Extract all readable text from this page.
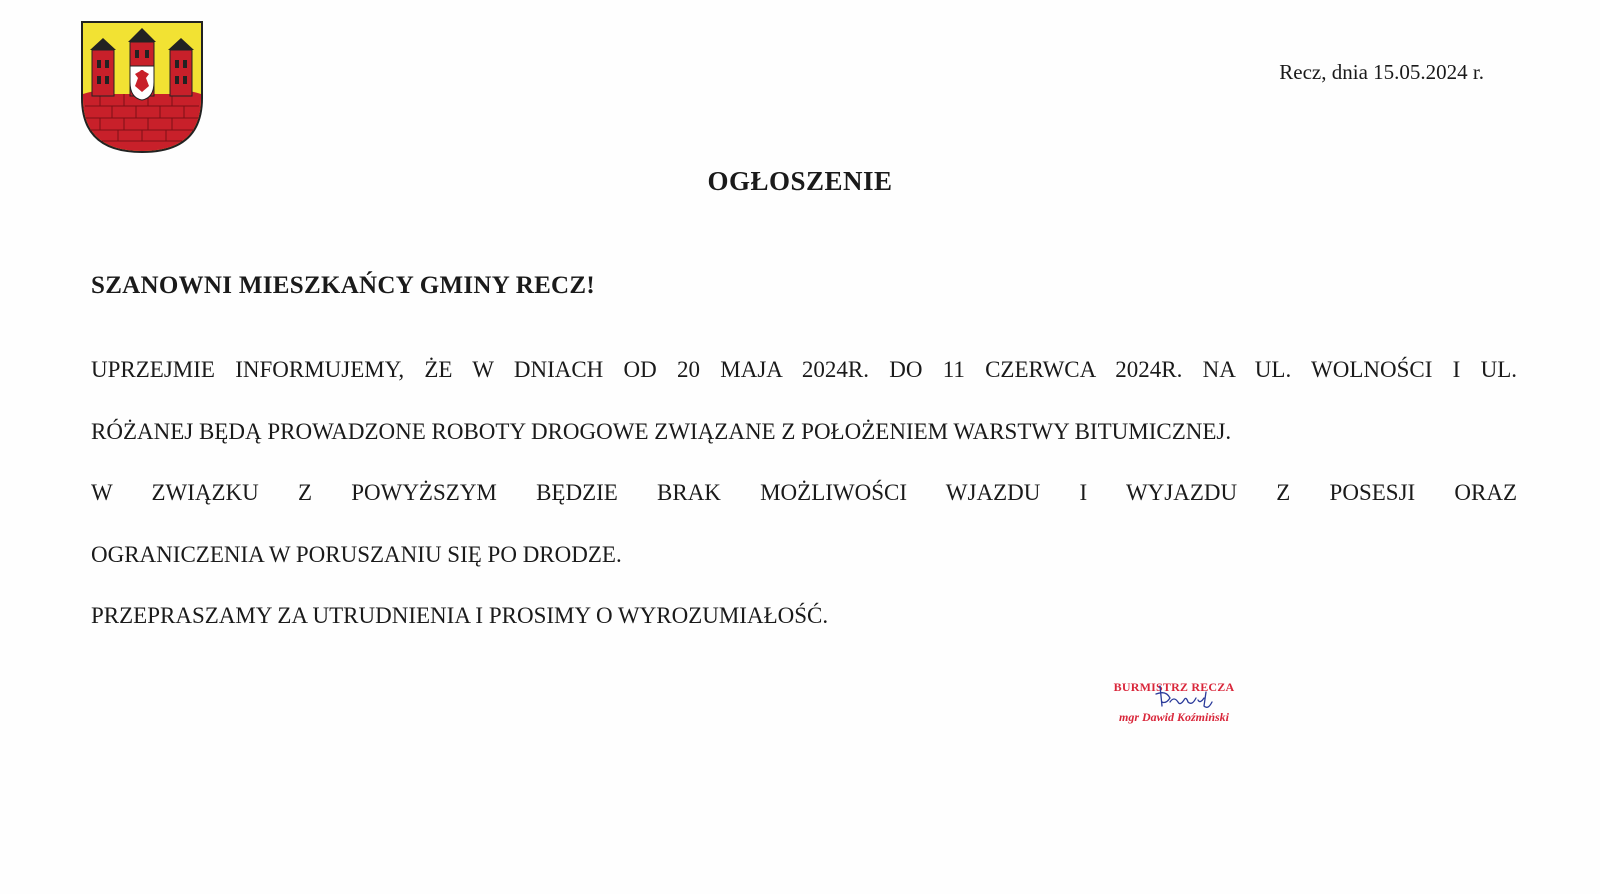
Recz, dnia 15.05.2024 r.
OGŁOSZENIE
SZANOWNI MIESZKAŃCY GMINY RECZ!
UPRZEJMIE INFORMUJEMY, ŻE W DNIACH OD 20 MAJA 2024R. DO 11 CZERWCA 2024R. NA UL. WOLNOŚCI I UL.
RÓŻANEJ BĘDĄ PROWADZONE ROBOTY DROGOWE ZWIĄZANE Z POŁOŻENIEM WARSTWY BITUMICZNEJ.
W ZWIĄZKU Z POWYŻSZYM BĘDZIE BRAK MOŻLIWOŚCI WJAZDU I WYJAZDU Z POSESJI ORAZ
OGRANICZENIA W PORUSZANIU SIĘ PO DRODZE.
PRZEPRASZAMY ZA UTRUDNIENIA I PROSIMY O WYROZUMIAŁOŚĆ.
BURMISTRZ RECZA
mgr Dawid Koźmiński
